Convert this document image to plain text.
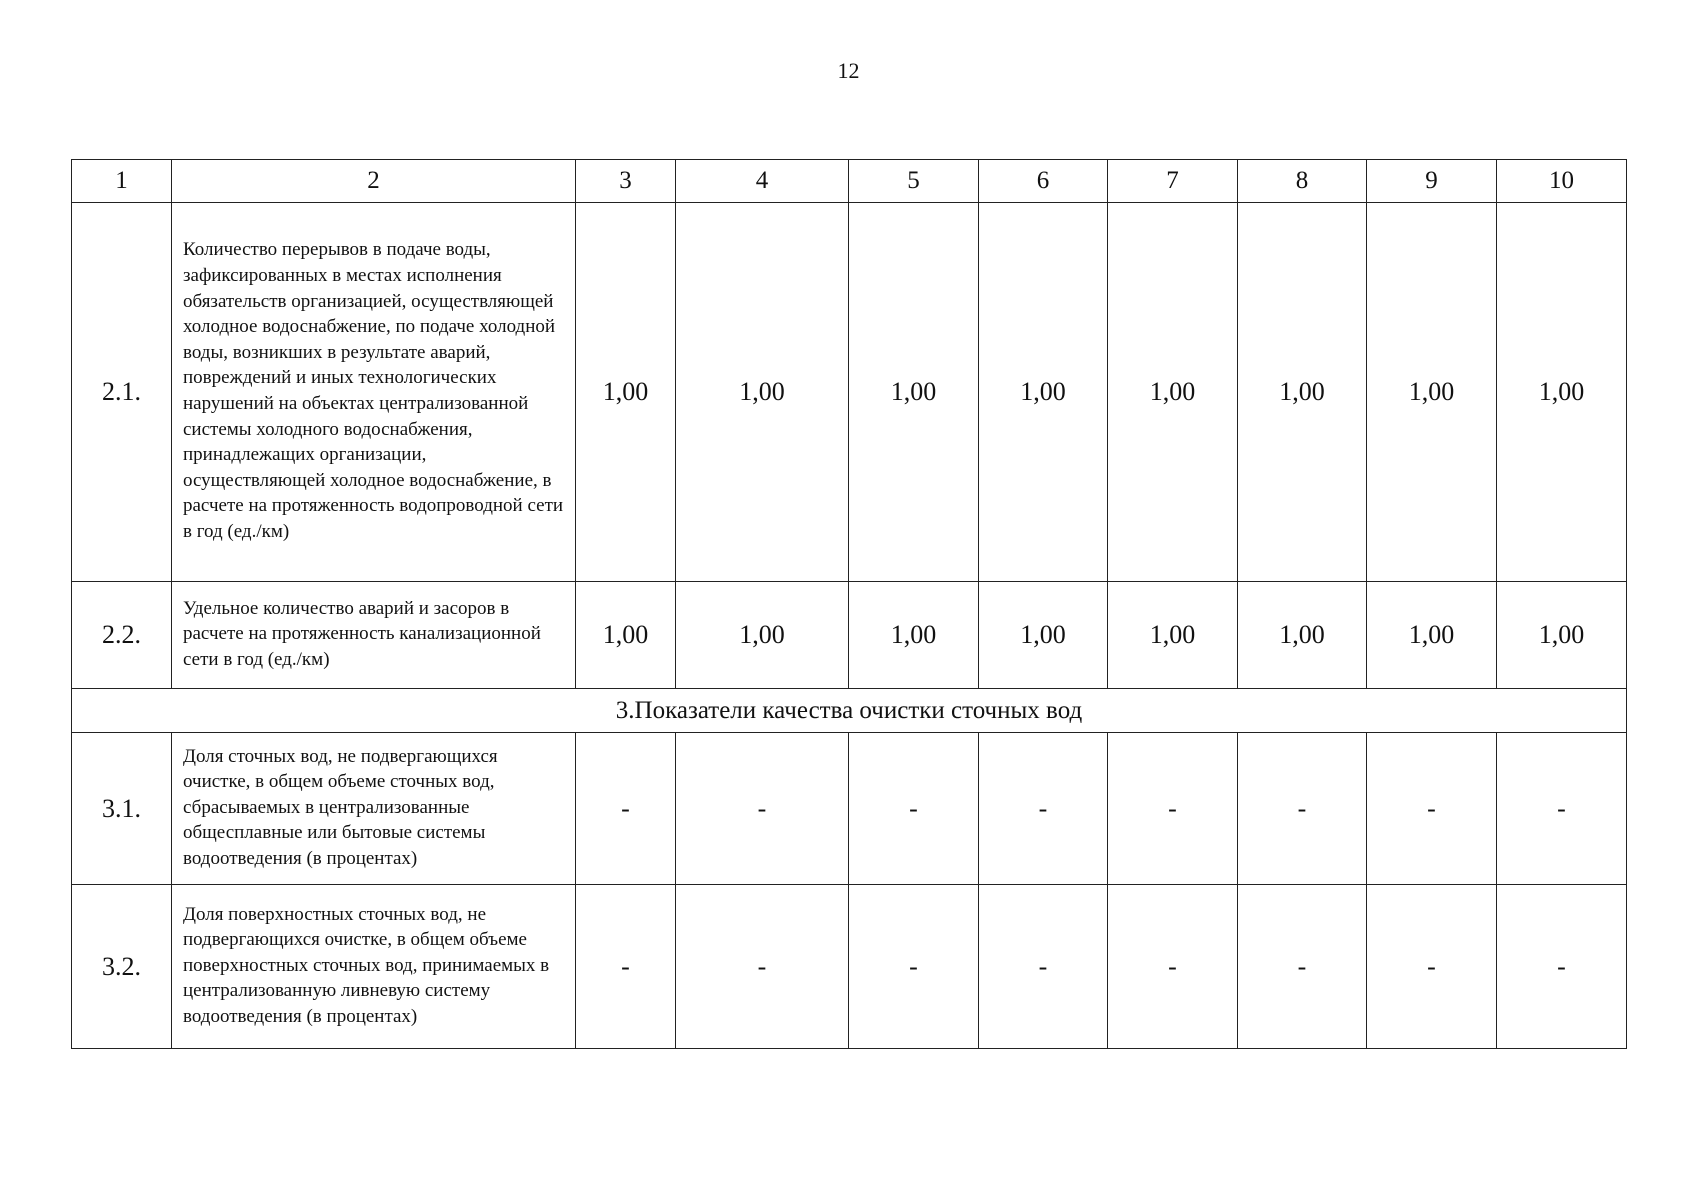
12
1	2	3	4	5	6	7	8	9	10
2.1.	Количество перерывов в подаче воды, зафиксированных в местах исполнения обязательств организацией, осуществляющей холодное водоснабжение, по подаче холодной воды, возникших в результате аварий, повреждений и иных технологических нарушений на объектах централизованной системы холодного водоснабжения, принадлежащих организации, осуществляющей холодное водоснабжение, в расчете на протяженность водопроводной сети в год (ед./км)	1,00	1,00	1,00	1,00	1,00	1,00	1,00	1,00
2.2.	Удельное количество аварий и засоров в расчете на протяженность канализационной сети в год (ед./км)	1,00	1,00	1,00	1,00	1,00	1,00	1,00	1,00
3.Показатели качества очистки сточных вод									
3.1.	Доля сточных вод, не подвергающихся очистке, в общем объеме сточных вод, сбрасываемых в централизованные общесплавные или бытовые системы водоотведения (в процентах)	-	-	-	-	-	-	-	-
3.2.	Доля поверхностных сточных вод, не подвергающихся очистке, в общем объеме поверхностных сточных вод, принимаемых в централизованную ливневую систему водоотведения (в процентах)	-	-	-	-	-	-	-	-
